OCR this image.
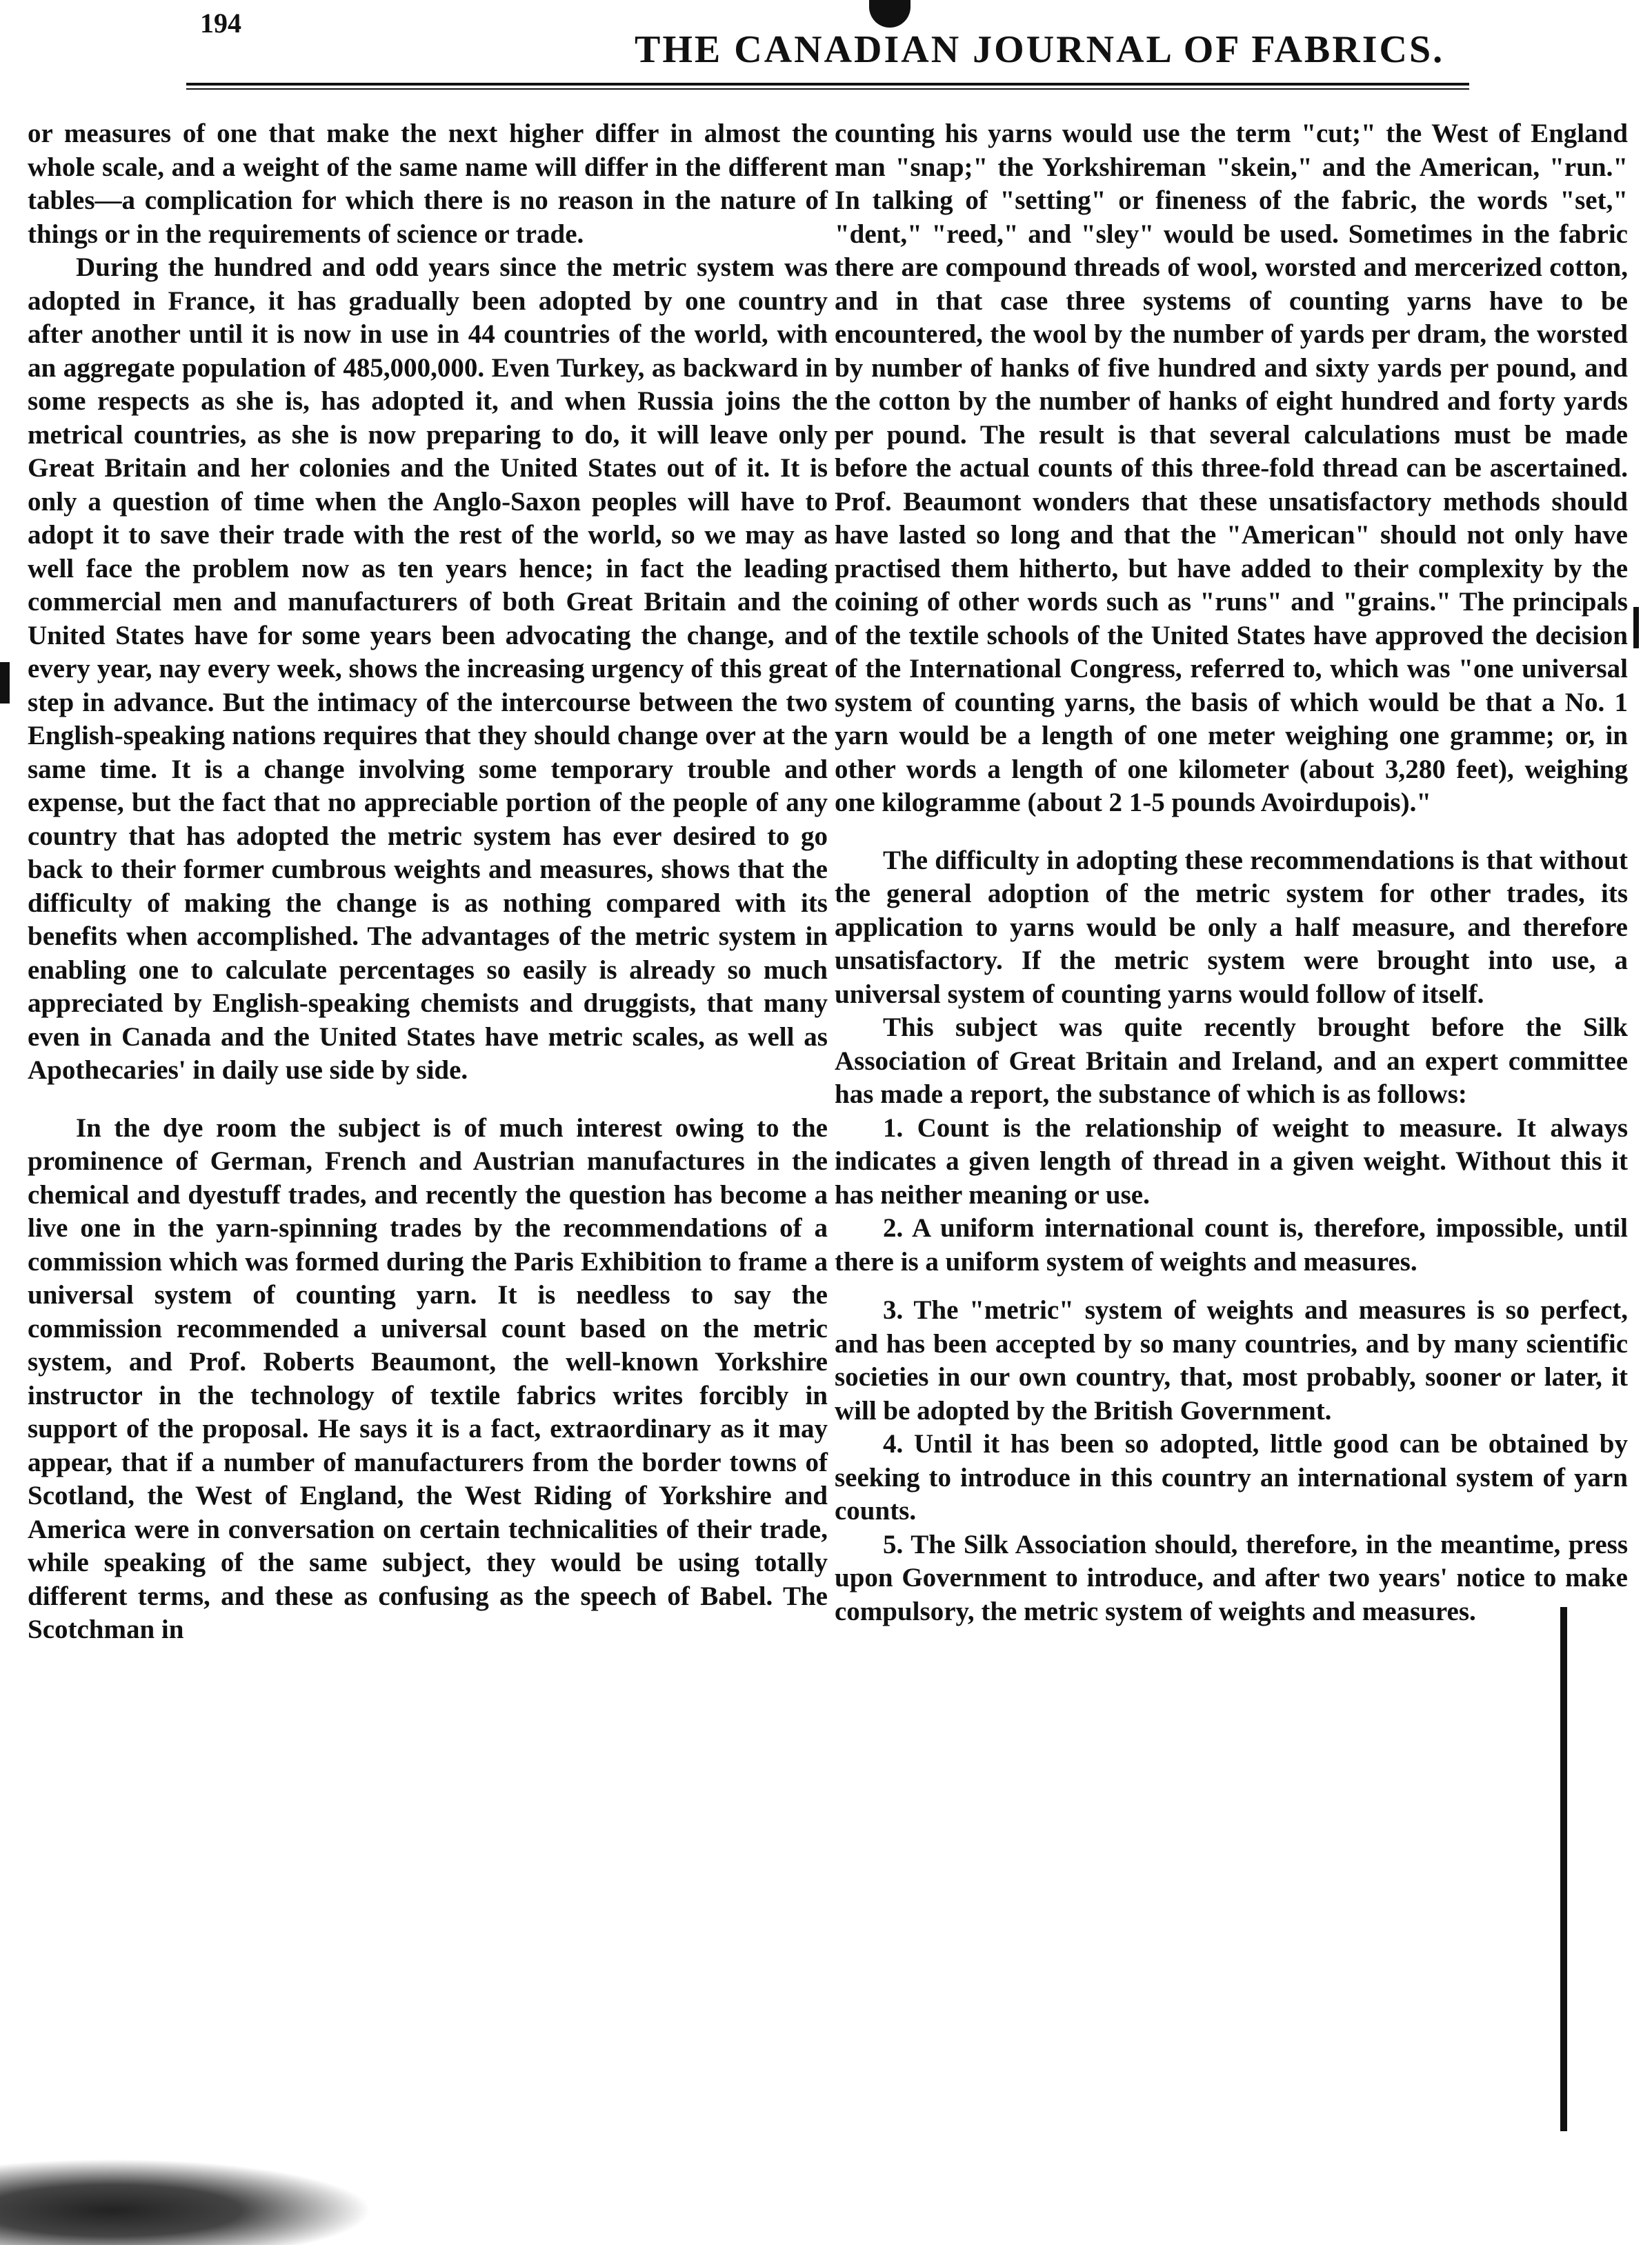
194
THE CANADIAN JOURNAL OF FABRICS.

or measures of one that make the next higher differ in almost the whole scale, and a weight of the same name will differ in the different tables—a complication for which there is no reason in the nature of things or in the requirements of science or trade.

During the hundred and odd years since the metric system was adopted in France, it has gradually been adopted by one country after another until it is now in use in 44 countries of the world, with an aggregate population of 485,000,000. Even Turkey, as backward in some respects as she is, has adopted it, and when Russia joins the metrical countries, as she is now preparing to do, it will leave only Great Britain and her colonies and the United States out of it. It is only a question of time when the Anglo-Saxon peoples will have to adopt it to save their trade with the rest of the world, so we may as well face the problem now as ten years hence; in fact the leading commercial men and manufacturers of both Great Britain and the United States have for some years been advocating the change, and every year, nay every week, shows the increasing urgency of this great step in advance. But the intimacy of the intercourse between the two English-speaking nations requires that they should change over at the same time. It is a change involving some temporary trouble and expense, but the fact that no appreciable portion of the people of any country that has adopted the metric system has ever desired to go back to their former cumbrous weights and measures, shows that the difficulty of making the change is as nothing compared with its benefits when accomplished. The advantages of the metric system in enabling one to calculate percentages so easily is already so much appreciated by English-speaking chemists and druggists, that many even in Canada and the United States have metric scales, as well as Apothecaries' in daily use side by side.

In the dye room the subject is of much interest owing to the prominence of German, French and Austrian manufactures in the chemical and dyestuff trades, and recently the question has become a live one in the yarn-spinning trades by the recommendations of a commission which was formed during the Paris Exhibition to frame a universal system of counting yarn. It is needless to say the commission recommended a universal count based on the metric system, and Prof. Roberts Beaumont, the well-known Yorkshire instructor in the technology of textile fabrics writes forcibly in support of the proposal. He says it is a fact, extraordinary as it may appear, that if a number of manufacturers from the border towns of Scotland, the West of England, the West Riding of Yorkshire and America were in conversation on certain technicalities of their trade, while speaking of the same subject, they would be using totally different terms, and these as confusing as the speech of Babel. The Scotchman in

counting his yarns would use the term "cut;" the West of England man "snap;" the Yorkshireman "skein," and the American, "run." In talking of "setting" or fineness of the fabric, the words "set," "dent," "reed," and "sley" would be used. Sometimes in the fabric there are compound threads of wool, worsted and mercerized cotton, and in that case three systems of counting yarns have to be encountered, the wool by the number of yards per dram, the worsted by number of hanks of five hundred and sixty yards per pound, and the cotton by the number of hanks of eight hundred and forty yards per pound. The result is that several calculations must be made before the actual counts of this three-fold thread can be ascertained. Prof. Beaumont wonders that these unsatisfactory methods should have lasted so long and that the "American" should not only have practised them hitherto, but have added to their complexity by the coining of other words such as "runs" and "grains." The principals of the textile schools of the United States have approved the decision of the International Congress, referred to, which was "one universal system of counting yarns, the basis of which would be that a No. 1 yarn would be a length of one meter weighing one gramme; or, in other words a length of one kilometer (about 3,280 feet), weighing one kilogramme (about 2 1-5 pounds Avoirdupois)."

The difficulty in adopting these recommendations is that without the general adoption of the metric system for other trades, its application to yarns would be only a half measure, and therefore unsatisfactory. If the metric system were brought into use, a universal system of counting yarns would follow of itself.

This subject was quite recently brought before the Silk Association of Great Britain and Ireland, and an expert committee has made a report, the substance of which is as follows:

1. Count is the relationship of weight to measure. It always indicates a given length of thread in a given weight. Without this it has neither meaning or use.

2. A uniform international count is, therefore, impossible, until there is a uniform system of weights and measures.

3. The "metric" system of weights and measures is so perfect, and has been accepted by so many countries, and by many scientific societies in our own country, that, most probably, sooner or later, it will be adopted by the British Government.

4. Until it has been so adopted, little good can be obtained by seeking to introduce in this country an international system of yarn counts.

5. The Silk Association should, therefore, in the meantime, press upon Government to introduce, and after two years' notice to make compulsory, the metric system of weights and measures.
